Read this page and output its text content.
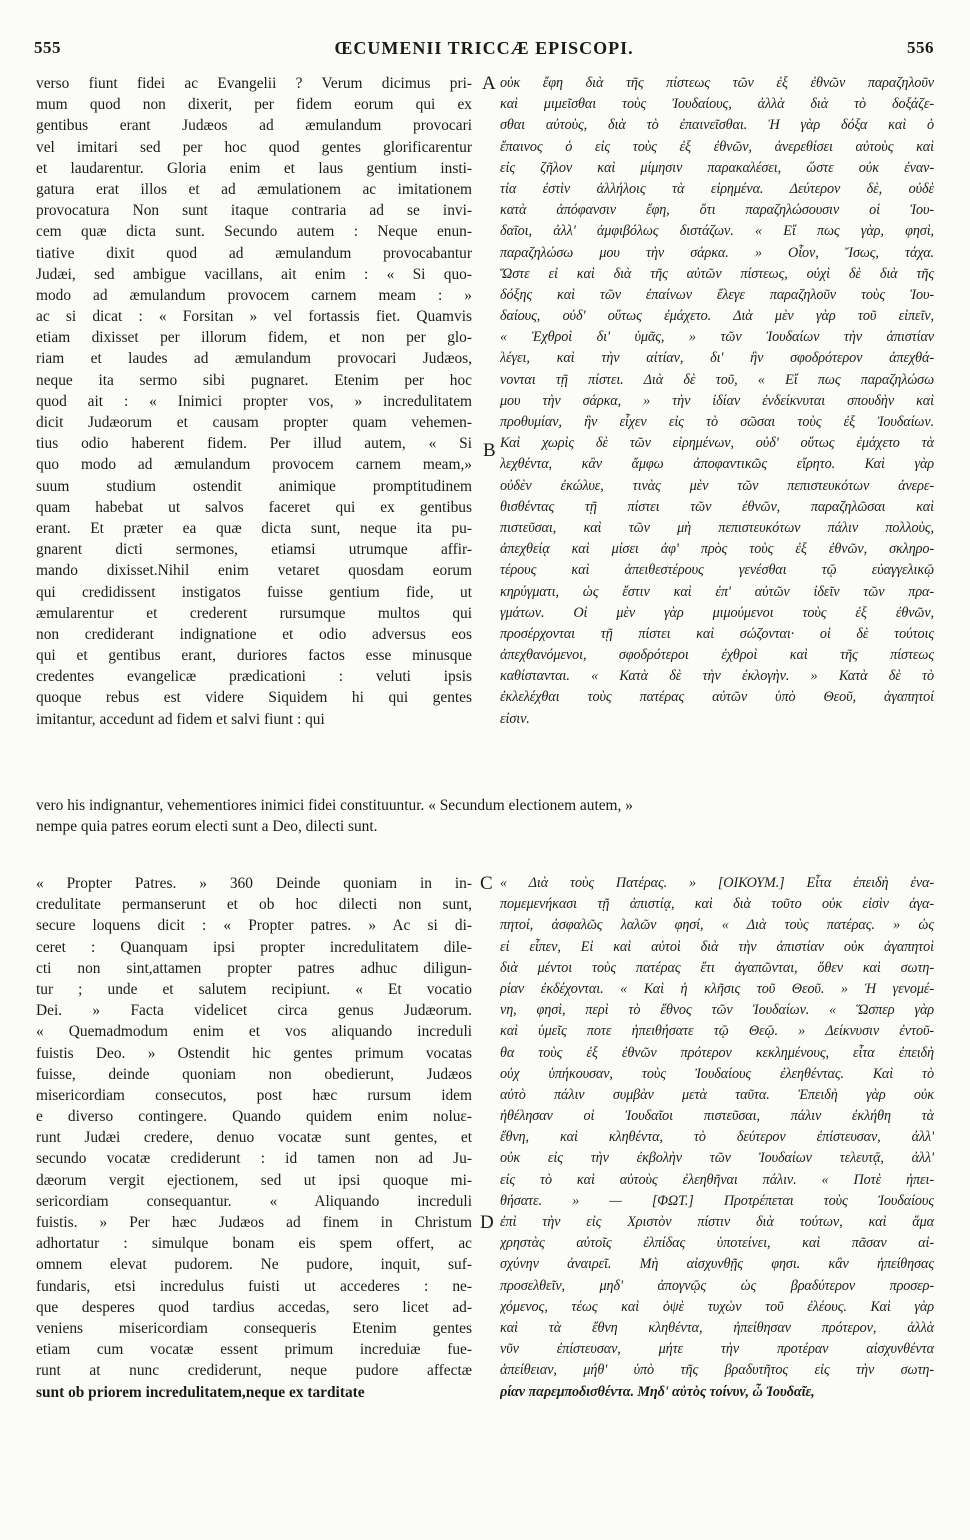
555	ŒCUMENII TRICCÆ EPISCOPI.	556
A
B
C
D
verso fiunt fidei ac Evangelii ? Verum dicimus pri-
mum quod non dixerit, per fidem eorum qui ex
gentibus erant Judæos ad æmulandum provocari
vel imitari sed per hoc quod gentes glorificarentur
et laudarentur. Gloria enim et laus gentium insti-
gatura erat illos et ad æmulationem ac imitationem
provocatura Non sunt itaque contraria ad se invi-
cem quæ dicta sunt. Secundo autem : Neque enun-
tiative dixit quod ad æmulandum provocabantur
Judæi, sed ambigue vacillans, ait enim : « Si quo-
modo ad æmulandum provocem carnem meam : »
ac si dicat : « Forsitan » vel fortassis fiet. Quamvis
etiam dixisset per illorum fidem, et non per glo-
riam et laudes ad æmulandum provocari Judæos,
neque ita sermo sibi pugnaret. Etenim per hoc
quod ait : « Inimici propter vos, » incredulitatem
dicit Judæorum et causam propter quam vehemen-
tius odio haberent fidem. Per illud autem, « Si
quo modo ad æmulandum provocem carnem meam,»
suum studium ostendit animique promptitudinem
quam habebat ut salvos faceret qui ex gentibus
erant. Et præter ea quæ dicta sunt, neque ita pu-
gnarent dicti sermones, etiamsi utrumque affir-
mando dixisset.Nihil enim vetaret quosdam eorum
qui credidissent instigatos fuisse gentium fide, ut
æmularentur et crederent rursumque multos qui
non crediderant indignatione et odio adversus eos
qui et gentibus erant, duriores factos esse minusque
credentes evangelicæ prædicationi : veluti ipsis
quoque rebus est videre Siquidem hi qui gentes
imitantur, accedunt ad fidem et salvi fiunt : qui
οὐκ ἔφη διὰ τῆς πίστεως τῶν ἐξ ἐθνῶν παραζηλοῦν
καὶ μιμεῖσθαι τοὺς Ἰουδαίους, ἀλλὰ διὰ τὸ δοξάζε-
σθαι αὐτοὺς, διὰ τὸ ἐπαινεῖσθαι. Ἡ γὰρ δόξα καὶ ὁ
ἔπαινος ὁ εἰς τοὺς ἐξ ἐθνῶν, ἀνερεθίσει αὐτοὺς καὶ
εἰς ζῆλον καὶ μίμησιν παρακαλέσει, ὥστε οὐκ ἐναν-
τία ἐστὶν ἀλλήλοις τὰ εἰρημένα. Δεύτερον δὲ, οὐδὲ
κατὰ ἀπόφανσιν ἔφη, ὅτι παραζηλώσουσιν οἱ Ἰου-
δαῖοι, ἀλλ' ἀμφιβόλως διστάζων. « Εἴ πως γὰρ, φησὶ,
παραζηλώσω μου τὴν σάρκα. » Οἷον, Ἴσως, τάχα.
Ὥστε εἰ καὶ διὰ τῆς αὐτῶν πίστεως, οὐχὶ δὲ διὰ τῆς
δόξης καὶ τῶν ἐπαίνων ἔλεγε παραζηλοῦν τοὺς Ἰου-
δαίους, οὐδ' οὕτως ἐμάχετο. Διὰ μὲν γὰρ τοῦ εἰπεῖν,
« Ἐχθροὶ δι' ὑμᾶς, » τῶν Ἰουδαίων τὴν ἀπιστίαν
λέγει, καὶ τὴν αἰτίαν, δι' ἣν σφοδρότερον ἀπεχθά-
νονται τῇ πίστει. Διὰ δὲ τοῦ, « Εἴ πως παραζηλώσω
μου τὴν σάρκα, » τὴν ἰδίαν ἐνδείκνυται σπουδὴν καὶ
προθυμίαν, ἣν εἶχεν εἰς τὸ σῶσαι τοὺς ἐξ Ἰουδαίων.
Καὶ χωρὶς δὲ τῶν εἰρημένων, οὐδ' οὕτως ἐμάχετο τὰ
λεχθέντα, κἂν ἄμφω ἀποφαντικῶς εἴρητο. Καὶ γὰρ
οὐδὲν ἐκώλυε, τινὰς μὲν τῶν πεπιστευκότων ἀνερε-
θισθέντας τῇ πίστει τῶν ἐθνῶν, παραζηλῶσαι καὶ
πιστεῦσαι, καὶ τῶν μὴ πεπιστευκότων πάλιν πολλοὺς,
ἀπεχθείᾳ καὶ μίσει ἀφ' πρὸς τοὺς ἐξ ἐθνῶν, σκληρο-
τέρους καὶ ἀπειθεστέρους γενέσθαι τῷ εὐαγγελικῷ
κηρύγματι, ὡς ἔστιν καὶ ἐπ' αὐτῶν ἰδεῖν τῶν πρα-
γμάτων. Οἱ μὲν γὰρ μιμούμενοι τοὺς ἐξ ἐθνῶν,
προσέρχονται τῇ πίστει καὶ σώζονται· οἱ δὲ τούτοις
ἀπεχθανόμενοι, σφοδρότεροι ἐχθροὶ καὶ τῆς πίστεως
καθίστανται. « Κατὰ δὲ τὴν ἐκλογὴν. » Κατὰ δὲ τὸ
ἐκλελέχθαι τοὺς πατέρας αὐτῶν ὑπὸ Θεοῦ, ἀγαπητοί
εἰσιν.
vero his indignantur, vehementiores inimici fidei constituuntur. « Secundum electionem autem, »
nempe quia patres eorum electi sunt a Deo, dilecti sunt.
« Propter Patres. » 360 Deinde quoniam in in-
credulitate permanserunt et ob hoc dilecti non sunt,
secure loquens dicit : « Propter patres. » Ac si di-
ceret : Quanquam ipsi propter incredulitatem dile-
cti non sint,attamen propter patres adhuc diligun-
tur ; unde et salutem recipiunt. « Et vocatio
Dei. » Facta videlicet circa genus Judæorum.
« Quemadmodum enim et vos aliquando increduli
fuistis Deo. » Ostendit hic gentes primum vocatas
fuisse, deinde quoniam non obedierunt, Judæos
misericordiam consecutos, post hæc rursum idem
e diverso contingere. Quando quidem enim noluε-
runt Judæi credere, denuo vocatæ sunt gentes, et
secundo vocatæ crediderunt : id tamen non ad Ju-
dæorum vergit ejectionem, sed ut ipsi quoque mi-
sericordiam consequantur. « Aliquando increduli
fuistis. » Per hæc Judæos ad finem in Christum
adhortatur : simulque bonam eis spem offert, ac
omnem elevat pudorem. Ne pudore, inquit, suf-
fundaris, etsi incredulus fuisti ut accederes : ne-
que desperes quod tardius accedas, sero licet ad-
veniens misericordiam consequeris Etenim gentes
etiam cum vocatæ essent primum increduiæ fue-
runt at nunc crediderunt, neque pudore affectæ
sunt ob priorem incredulitatem,neque ex tarditate
« Διὰ τοὺς Πατέρας. » [ΟΙΚΟΥΜ.] Εἶτα ἐπειδὴ ἐνα-
πομεμενήκασι τῇ ἀπιστίᾳ, καὶ διὰ τοῦτο οὐκ εἰσὶν ἀγα-
πητοί, ἀσφαλῶς λαλῶν φησί, « Διὰ τοὺς πατέρας. » ὡς
εἰ εἶπεν, Εἰ καὶ αὐτοὶ διὰ τὴν ἀπιστίαν οὐκ ἀγαπητοὶ
διὰ μέντοι τοὺς πατέρας ἔτι ἀγαπῶνται, ὅθεν καὶ σωτη-
ρίαν ἐκδέχονται. « Καὶ ἡ κλῆσις τοῦ Θεοῦ. » Ἡ γενομέ-
νη, φησὶ, περὶ τὸ ἔθνος τῶν Ἰουδαίων. « Ὥσπερ γὰρ
καὶ ὑμεῖς ποτε ἠπειθήσατε τῷ Θεῷ. » Δείκνυσιν ἐντοῦ-
θα τοὺς ἐξ ἐθνῶν πρότερον κεκλημένους, εἶτα ἐπειδὴ
οὐχ ὑπήκουσαν, τοὺς Ἰουδαίους ἐλεηθέντας. Καὶ τὸ
αὐτὸ πάλιν συμβὰν μετὰ ταῦτα. Ἐπειδὴ γὰρ οὐκ
ἠθέλησαν οἱ Ἰουδαῖοι πιστεῦσαι, πάλιν ἐκλήθη τὰ
ἔθνη, καὶ κληθέντα, τὸ δεύτερον ἐπίστευσαν, ἀλλ'
οὐκ εἰς τὴν ἐκβολὴν τῶν Ἰουδαίων τελευτᾷ, ἀλλ'
εἰς τὸ καὶ αὐτοὺς ἐλεηθῆναι πάλιν. « Ποτὲ ἠπει-
θήσατε. » — [ΦΩΤ.] Προτρέπεται τοὺς Ἰουδαίους
ἐπὶ τὴν εἰς Χριστὸν πίστιν διὰ τούτων, καὶ ἅμα
χρηστὰς αὐτοῖς ἐλπίδας ὑποτείνει, καὶ πᾶσαν αἰ-
σχύνην ἀναιρεῖ. Μὴ αἰσχυνθῇς φησι. κἂν ἠπείθησας
προσελθεῖν, μηδ' ἀπογνῷς ὡς βραδύτερον προσερ-
χόμενος, τέως καὶ ὀψὲ τυχὼν τοῦ ἐλέους. Καὶ γὰρ
καὶ τὰ ἔθνη κληθέντα, ἠπείθησαν πρότερον, ἀλλὰ
νῦν ἐπίστευσαν, μήτε τὴν προτέραν αἰσχυνθέντα
ἀπείθειαν, μήθ' ὑπὸ τῆς βραδυτῆτος εἰς τὴν σωτη-
ρίαν παρεμποδισθέντα. Μηδ' αὐτὸς τοίνυν, ὦ Ἰουδαῖε,
